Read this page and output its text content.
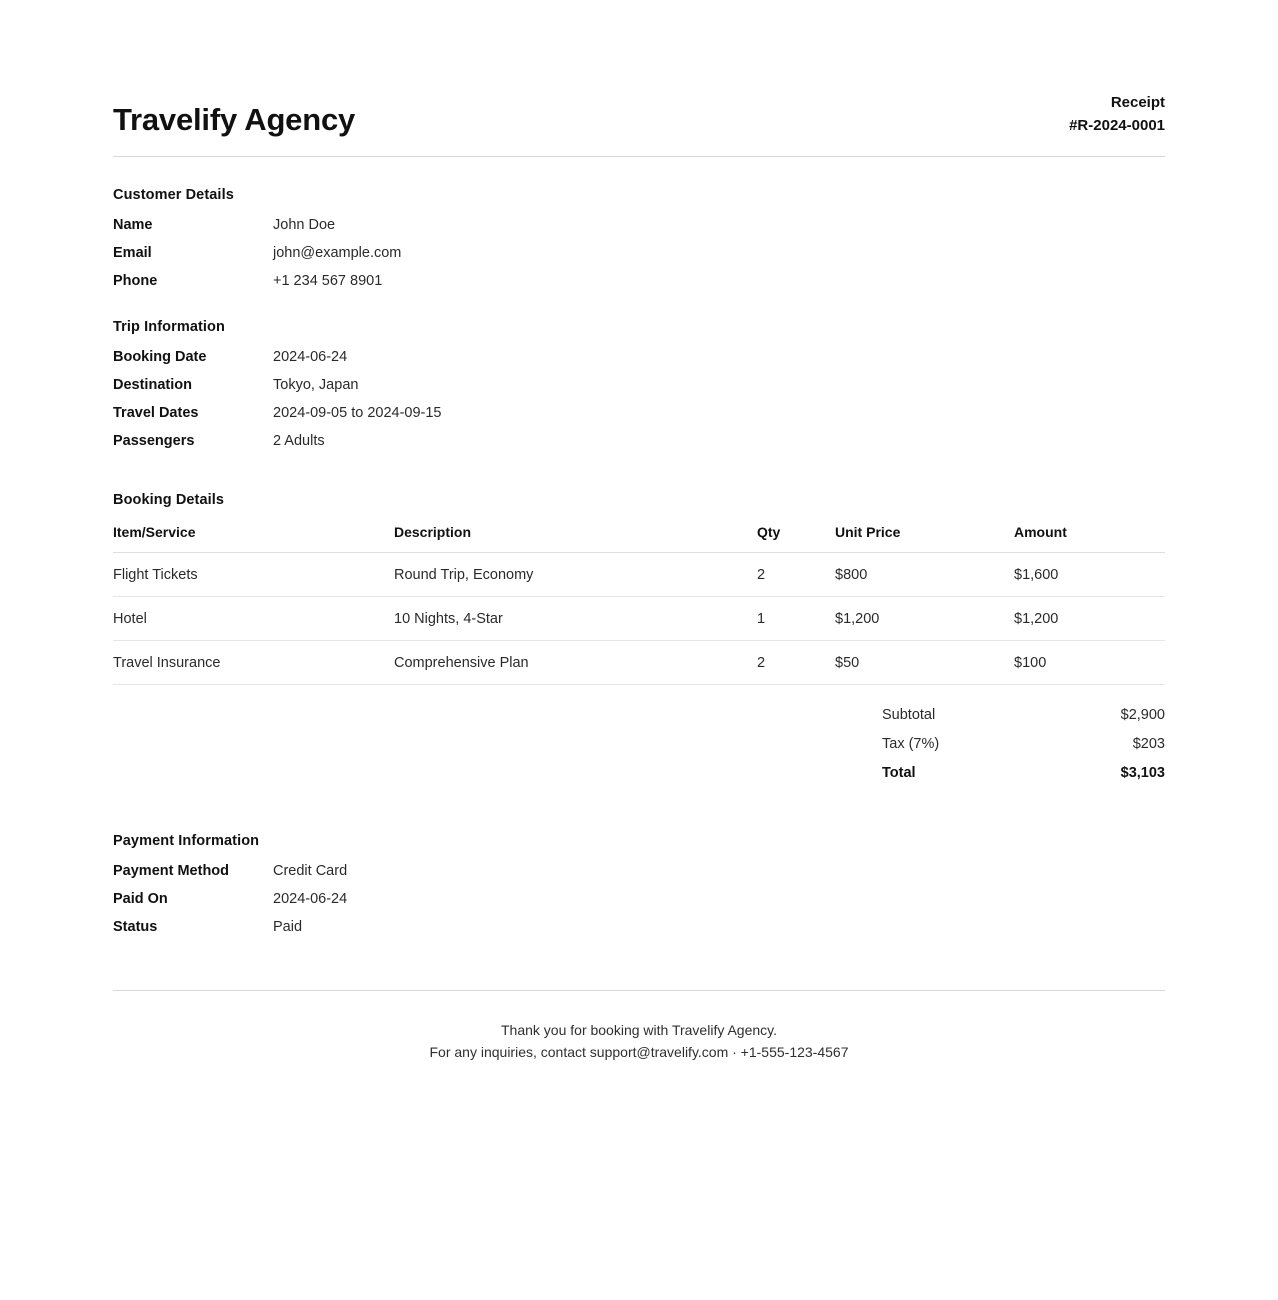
Travelify Agency	Receipt
#R-2024-0001
Customer Details
Name	John Doe
Email	john@example.com
Phone	+1 234 567 8901
Trip Information
Booking Date	2024-06-24
Destination	Tokyo, Japan
Travel Dates	2024-09-05 to 2024-09-15
Passengers	2 Adults
Booking Details
Item/Service	Description	Qty	Unit Price	Amount
Flight Tickets	Round Trip, Economy	2	$800	$1,600
Hotel	10 Nights, 4-Star	1	$1,200	$1,200
Travel Insurance	Comprehensive Plan	2	$50	$100
Subtotal	$2,900
Tax (7%)	$203
Total	$3,103
Payment Information
Payment Method	Credit Card
Paid On	2024-06-24
Status	Paid
Thank you for booking with Travelify Agency.
For any inquiries, contact support@travelify.com · +1-555-123-4567
